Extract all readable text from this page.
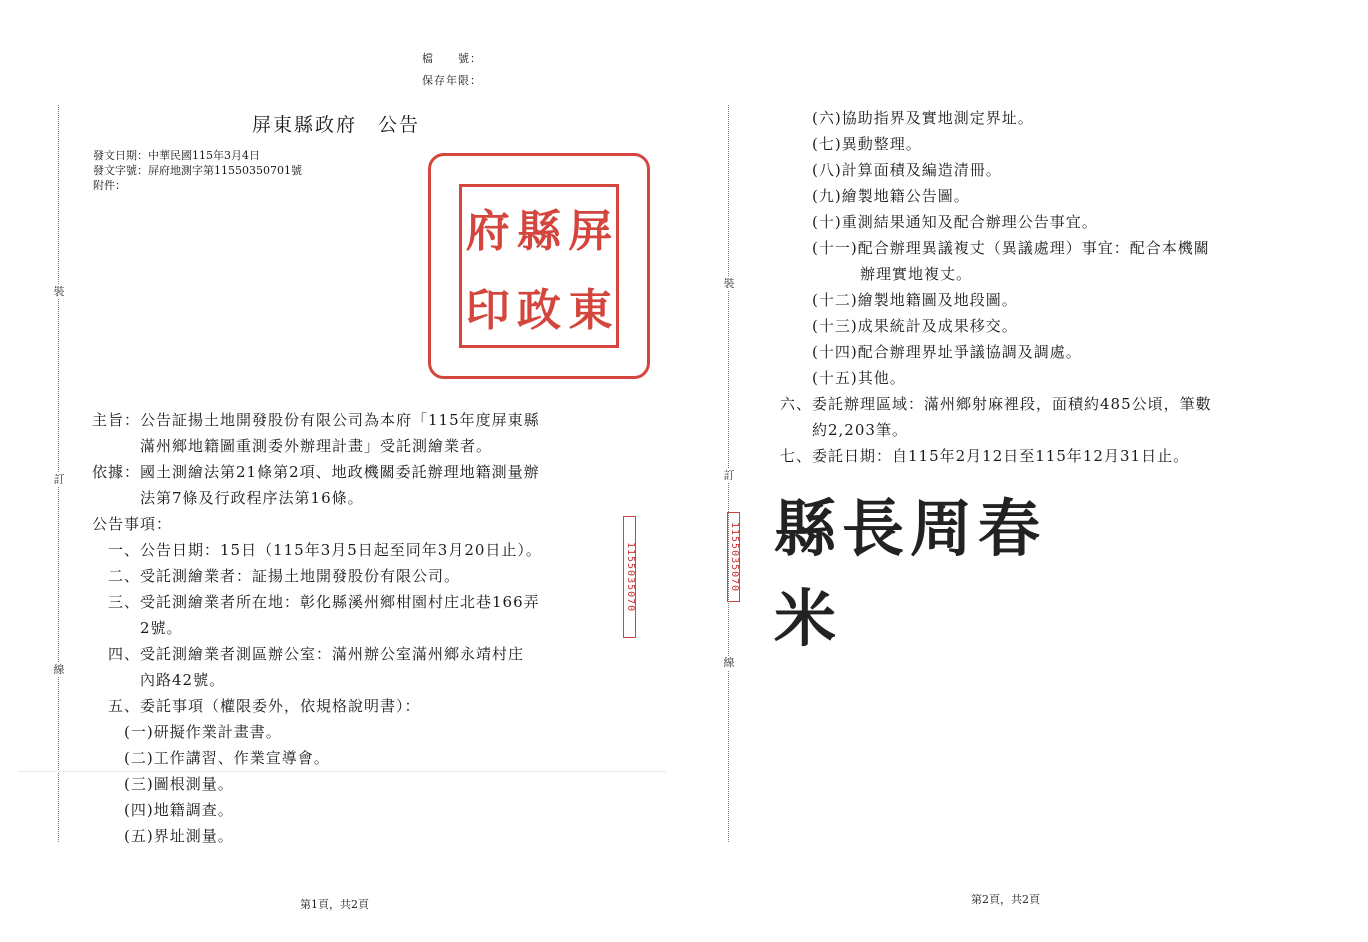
裝
訂
線
檔　　號：
保存年限：
屏東縣政府　公告
發文日期：中華民國115年3月4日
發文字號：屏府地測字第11550350701號
附件：
屏
縣
府
東
政
印
主旨：公告証揚土地開發股份有限公司為本府「115年度屏東縣
　　　滿州鄉地籍圖重測委外辦理計畫」受託測繪業者。
依據：國土測繪法第21條第2項、地政機關委託辦理地籍測量辦
　　　法第7條及行政程序法第16條。
公告事項：
　一、公告日期：15日（115年3月5日起至同年3月20日止）。
　二、受託測繪業者：証揚土地開發股份有限公司。
　三、受託測繪業者所在地：彰化縣溪州鄉柑園村庄北巷166弄
　　　2號。
　四、受託測繪業者測區辦公室：滿州辦公室滿州鄉永靖村庄
　　　內路42號。
　五、委託事項（權限委外，依規格說明書）：
　　(一)研擬作業計畫書。
　　(二)工作講習、作業宣導會。
　　(三)圖根測量。
　　(四)地籍調查。
　　(五)界址測量。
1155035070
第1頁，共2頁
裝
訂
線
1155035070
　　(六)協助指界及實地測定界址。
　　(七)異動整理。
　　(八)計算面積及編造清冊。
　　(九)繪製地籍公告圖。
　　(十)重測結果通知及配合辦理公告事宜。
　　(十一)配合辦理異議複丈（異議處理）事宜：配合本機關
　　　　　辦理實地複丈。
　　(十二)繪製地籍圖及地段圖。
　　(十三)成果統計及成果移交。
　　(十四)配合辦理界址爭議協調及調處。
　　(十五)其他。
六、委託辦理區域：滿州鄉射麻裡段，面積約485公頃，筆數
　　約2,203筆。
七、委託日期：自115年2月12日至115年12月31日止。
第2頁，共2頁
縣長周春米
